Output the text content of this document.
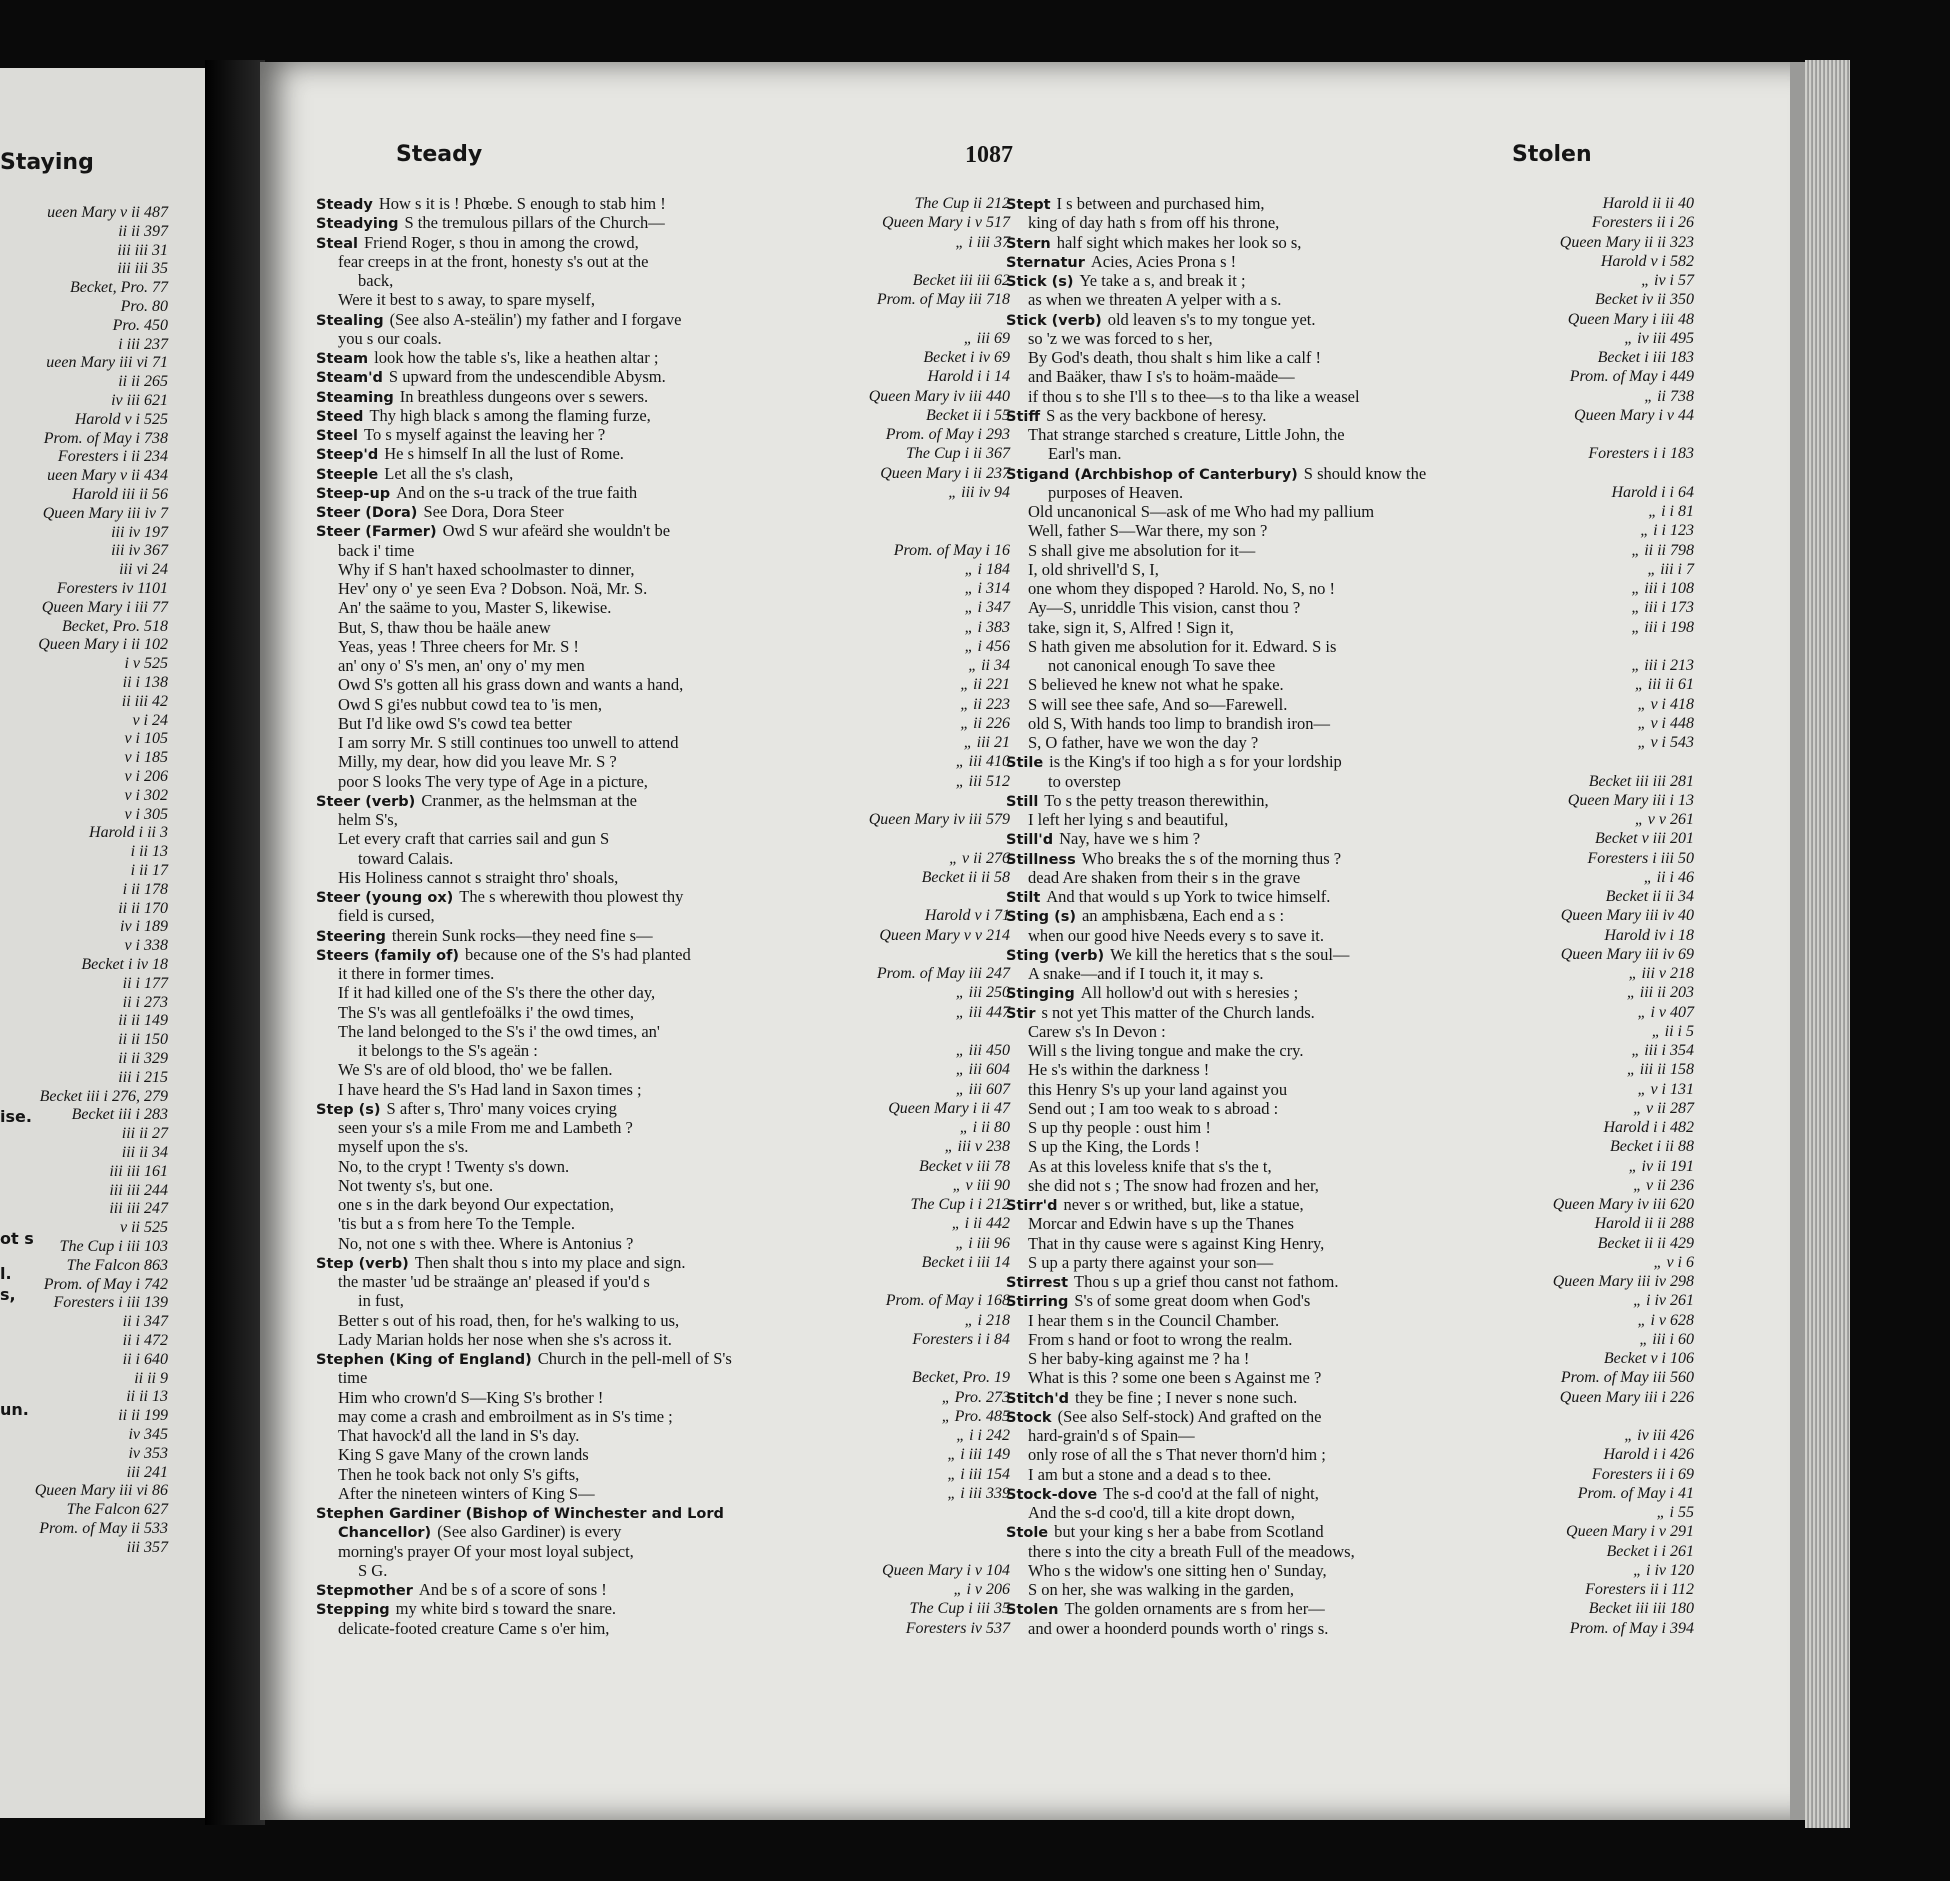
Staying
ueen Mary v ii 487
ii ii 397
iii iii 31
iii iii 35
Becket, Pro. 77
Pro. 80
Pro. 450
i iii 237
ueen Mary iii vi 71
ii ii 265
iv iii 621
Harold v i 525
Prom. of May i 738
Foresters i ii 234
ueen Mary v ii 434
Harold iii ii 56
Queen Mary iii iv 7
iii iv 197
iii iv 367
iii vi 24
Foresters iv 1101
Queen Mary i iii 77
Becket, Pro. 518
Queen Mary i ii 102
i v 525
ii i 138
ii iii 42
v i 24
v i 105
v i 185
v i 206
v i 302
v i 305
Harold i ii 3
i ii 13
i ii 17
i ii 178
ii ii 170
iv i 189
v i 338
Becket i iv 18
ii i 177
ii i 273
ii ii 149
ii ii 150
ii ii 329
iii i 215
Becket iii i 276, 279
Becket iii i 283
iii ii 27
iii ii 34
iii iii 161
iii iii 244
iii iii 247
v ii 525
The Cup i iii 103
The Falcon 863
Prom. of May i 742
Foresters i iii 139
ii i 347
ii i 472
ii i 640
ii ii 9
ii ii 13
ii ii 199
iv 345
iv 353
iii 241
Queen Mary iii vi 86
The Falcon 627
Prom. of May ii 533
iii 357
ise.
ot s
l.
s,
un.
Steady	1087	Stolen
Steady How s it is ! Phœbe. S enough to stab him !	The Cup ii 212
Steadying S the tremulous pillars of the Church—	Queen Mary i v 517
Steal Friend Roger, s thou in among the crowd,	„ i iii 37
fear creeps in at the front, honesty s's out at the
back,	Becket iii iii 62
Were it best to s away, to spare myself,	Prom. of May iii 718
Stealing (See also A-steälin') my father and I forgave
you s our coals.	„ iii 69
Steam look how the table s's, like a heathen altar ;	Becket i iv 69
Steam'd S upward from the undescendible Abysm.	Harold i i 14
Steaming In breathless dungeons over s sewers.	Queen Mary iv iii 440
Steed Thy high black s among the flaming furze,	Becket ii i 55
Steel To s myself against the leaving her ?	Prom. of May i 293
Steep'd He s himself In all the lust of Rome.	The Cup i ii 367
Steeple Let all the s's clash,	Queen Mary i ii 237
Steep-up And on the s-u track of the true faith	„ iii iv 94
Steer (Dora) See Dora, Dora Steer
Steer (Farmer) Owd S wur afeärd she wouldn't be
back i' time	Prom. of May i 16
Why if S han't haxed schoolmaster to dinner,	„ i 184
Hev' ony o' ye seen Eva ? Dobson. Noä, Mr. S.	„ i 314
An' the saäme to you, Master S, likewise.	„ i 347
But, S, thaw thou be haäle anew	„ i 383
Yeas, yeas ! Three cheers for Mr. S !	„ i 456
an' ony o' S's men, an' ony o' my men	„ ii 34
Owd S's gotten all his grass down and wants a hand,	„ ii 221
Owd S gi'es nubbut cowd tea to 'is men,	„ ii 223
But I'd like owd S's cowd tea better	„ ii 226
I am sorry Mr. S still continues too unwell to attend	„ iii 21
Milly, my dear, how did you leave Mr. S ?	„ iii 410
poor S looks The very type of Age in a picture,	„ iii 512
Steer (verb) Cranmer, as the helmsman at the
helm S's,	Queen Mary iv iii 579
Let every craft that carries sail and gun S
toward Calais.	„ v ii 276
His Holiness cannot s straight thro' shoals,	Becket ii ii 58
Steer (young ox) The s wherewith thou plowest thy
field is cursed,	Harold v i 71
Steering therein Sunk rocks—they need fine s—	Queen Mary v v 214
Steers (family of) because one of the S's had planted
it there in former times.	Prom. of May iii 247
If it had killed one of the S's there the other day,	„ iii 250
The S's was all gentlefoälks i' the owd times,	„ iii 447
The land belonged to the S's i' the owd times, an'
it belongs to the S's ageän :	„ iii 450
We S's are of old blood, tho' we be fallen.	„ iii 604
I have heard the S's Had land in Saxon times ;	„ iii 607
Step (s) S after s, Thro' many voices crying	Queen Mary i ii 47
seen your s's a mile From me and Lambeth ?	„ i ii 80
myself upon the s's.	„ iii v 238
No, to the crypt ! Twenty s's down.	Becket v iii 78
Not twenty s's, but one.	„ v iii 90
one s in the dark beyond Our expectation,	The Cup i i 212
'tis but a s from here To the Temple.	„ i ii 442
No, not one s with thee. Where is Antonius ?	„ i iii 96
Step (verb) Then shalt thou s into my place and sign.	Becket i iii 14
the master 'ud be straänge an' pleased if you'd s
in fust,	Prom. of May i 168
Better s out of his road, then, for he's walking to us,	„ i 218
Lady Marian holds her nose when she s's across it.	Foresters i i 84
Stephen (King of England) Church in the pell-mell of S's
time	Becket, Pro. 19
Him who crown'd S—King S's brother !	„ Pro. 273
may come a crash and embroilment as in S's time ;	„ Pro. 485
That havock'd all the land in S's day.	„ i i 242
King S gave Many of the crown lands	„ i iii 149
Then he took back not only S's gifts,	„ i iii 154
After the nineteen winters of King S—	„ i iii 339
Stephen Gardiner (Bishop of Winchester and Lord
Chancellor) (See also Gardiner) is every
morning's prayer Of your most loyal subject,
S G.	Queen Mary i v 104
Stepmother And be s of a score of sons !	„ i v 206
Stepping my white bird s toward the snare.	The Cup i iii 35
delicate-footed creature Came s o'er him,	Foresters iv 537
Stept I s between and purchased him,	Harold ii ii 40
king of day hath s from off his throne,	Foresters ii i 26
Stern half sight which makes her look so s,	Queen Mary ii ii 323
Sternatur Acies, Acies Prona s !	Harold v i 582
Stick (s) Ye take a s, and break it ;	„ iv i 57
as when we threaten A yelper with a s.	Becket iv ii 350
Stick (verb) old leaven s's to my tongue yet.	Queen Mary i iii 48
so 'z we was forced to s her,	„ iv iii 495
By God's death, thou shalt s him like a calf !	Becket i iii 183
and Baäker, thaw I s's to hoäm-maäde—	Prom. of May i 449
if thou s to she I'll s to thee—s to tha like a weasel	„ ii 738
Stiff S as the very backbone of heresy.	Queen Mary i v 44
That strange starched s creature, Little John, the
Earl's man.	Foresters i i 183
Stigand (Archbishop of Canterbury) S should know the
purposes of Heaven.	Harold i i 64
Old uncanonical S—ask of me Who had my pallium	„ i i 81
Well, father S—War there, my son ?	„ i i 123
S shall give me absolution for it—	„ ii ii 798
I, old shrivell'd S, I,	„ iii i 7
one whom they dispoped ? Harold. No, S, no !	„ iii i 108
Ay—S, unriddle This vision, canst thou ?	„ iii i 173
take, sign it, S, Alfred ! Sign it,	„ iii i 198
S hath given me absolution for it. Edward. S is
not canonical enough To save thee	„ iii i 213
S believed he knew not what he spake.	„ iii ii 61
S will see thee safe, And so—Farewell.	„ v i 418
old S, With hands too limp to brandish iron—	„ v i 448
S, O father, have we won the day ?	„ v i 543
Stile is the King's if too high a s for your lordship
to overstep	Becket iii iii 281
Still To s the petty treason therewithin,	Queen Mary iii i 13
I left her lying s and beautiful,	„ v v 261
Still'd Nay, have we s him ?	Becket v iii 201
Stillness Who breaks the s of the morning thus ?	Foresters i iii 50
dead Are shaken from their s in the grave	„ ii i 46
Stilt And that would s up York to twice himself.	Becket ii ii 34
Sting (s) an amphisbæna, Each end a s :	Queen Mary iii iv 40
when our good hive Needs every s to save it.	Harold iv i 18
Sting (verb) We kill the heretics that s the soul—	Queen Mary iii iv 69
A snake—and if I touch it, it may s.	„ iii v 218
Stinging All hollow'd out with s heresies ;	„ iii ii 203
Stir s not yet This matter of the Church lands.	„ i v 407
Carew s's In Devon :	„ ii i 5
Will s the living tongue and make the cry.	„ iii i 354
He s's within the darkness !	„ iii ii 158
this Henry S's up your land against you	„ v i 131
Send out ; I am too weak to s abroad :	„ v ii 287
S up thy people : oust him !	Harold i i 482
S up the King, the Lords !	Becket i ii 88
As at this loveless knife that s's the t,	„ iv ii 191
she did not s ; The snow had frozen and her,	„ v ii 236
Stirr'd never s or writhed, but, like a statue,	Queen Mary iv iii 620
Morcar and Edwin have s up the Thanes	Harold ii ii 288
That in thy cause were s against King Henry,	Becket ii ii 429
S up a party there against your son—	„ v i 6
Stirrest Thou s up a grief thou canst not fathom.	Queen Mary iii iv 298
Stirring S's of some great doom when God's	„ i iv 261
I hear them s in the Council Chamber.	„ i v 628
From s hand or foot to wrong the realm.	„ iii i 60
S her baby-king against me ? ha !	Becket v i 106
What is this ? some one been s Against me ?	Prom. of May iii 560
Stitch'd they be fine ; I never s none such.	Queen Mary iii i 226
Stock (See also Self-stock) And grafted on the
hard-grain'd s of Spain—	„ iv iii 426
only rose of all the s That never thorn'd him ;	Harold i i 426
I am but a stone and a dead s to thee.	Foresters ii i 69
Stock-dove The s-d coo'd at the fall of night,	Prom. of May i 41
And the s-d coo'd, till a kite dropt down,	„ i 55
Stole but your king s her a babe from Scotland	Queen Mary i v 291
there s into the city a breath Full of the meadows,	Becket i i 261
Who s the widow's one sitting hen o' Sunday,	„ i iv 120
S on her, she was walking in the garden,	Foresters ii i 112
Stolen The golden ornaments are s from her—	Becket iii iii 180
and ower a hoonderd pounds worth o' rings s.	Prom. of May i 394
